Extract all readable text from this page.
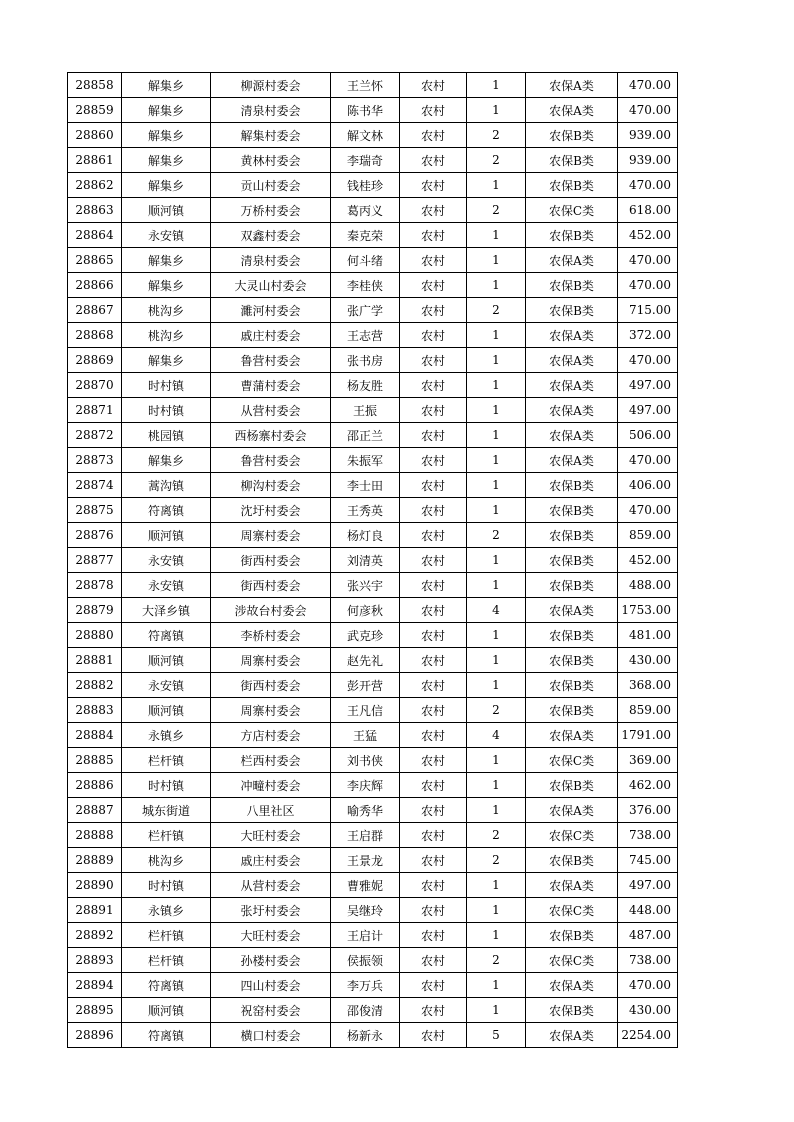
28858	解集乡	柳源村委会	王兰怀	农村	1	农保A类	470.00
28859	解集乡	清泉村委会	陈书华	农村	1	农保A类	470.00
28860	解集乡	解集村委会	解文林	农村	2	农保B类	939.00
28861	解集乡	黄林村委会	李瑞奇	农村	2	农保B类	939.00
28862	解集乡	贡山村委会	钱桂珍	农村	1	农保B类	470.00
28863	顺河镇	万桥村委会	葛丙义	农村	2	农保C类	618.00
28864	永安镇	双鑫村委会	秦克荣	农村	1	农保B类	452.00
28865	解集乡	清泉村委会	何斗绪	农村	1	农保A类	470.00
28866	解集乡	大灵山村委会	李桂侠	农村	1	农保B类	470.00
28867	桃沟乡	濉河村委会	张广学	农村	2	农保B类	715.00
28868	桃沟乡	戚庄村委会	王志营	农村	1	农保A类	372.00
28869	解集乡	鲁营村委会	张书房	农村	1	农保A类	470.00
28870	时村镇	曹蒲村委会	杨友胜	农村	1	农保A类	497.00
28871	时村镇	从营村委会	王振	农村	1	农保A类	497.00
28872	桃园镇	西杨寨村委会	邵正兰	农村	1	农保A类	506.00
28873	解集乡	鲁营村委会	朱振军	农村	1	农保A类	470.00
28874	蒿沟镇	柳沟村委会	李士田	农村	1	农保B类	406.00
28875	符离镇	沈圩村委会	王秀英	农村	1	农保B类	470.00
28876	顺河镇	周寨村委会	杨灯良	农村	2	农保B类	859.00
28877	永安镇	街西村委会	刘清英	农村	1	农保B类	452.00
28878	永安镇	街西村委会	张兴宇	农村	1	农保B类	488.00
28879	大泽乡镇	涉故台村委会	何彦秋	农村	4	农保A类	1753.00
28880	符离镇	李桥村委会	武克珍	农村	1	农保B类	481.00
28881	顺河镇	周寨村委会	赵先礼	农村	1	农保B类	430.00
28882	永安镇	街西村委会	彭开营	农村	1	农保B类	368.00
28883	顺河镇	周寨村委会	王凡信	农村	2	农保B类	859.00
28884	永镇乡	方店村委会	王猛	农村	4	农保A类	1791.00
28885	栏杆镇	栏西村委会	刘书侠	农村	1	农保C类	369.00
28886	时村镇	冲疃村委会	李庆辉	农村	1	农保B类	462.00
28887	城东街道	八里社区	喻秀华	农村	1	农保A类	376.00
28888	栏杆镇	大旺村委会	王启群	农村	2	农保C类	738.00
28889	桃沟乡	戚庄村委会	王景龙	农村	2	农保B类	745.00
28890	时村镇	从营村委会	曹雅妮	农村	1	农保A类	497.00
28891	永镇乡	张圩村委会	吴继玲	农村	1	农保C类	448.00
28892	栏杆镇	大旺村委会	王启计	农村	1	农保B类	487.00
28893	栏杆镇	孙楼村委会	侯振领	农村	2	农保C类	738.00
28894	符离镇	四山村委会	李万兵	农村	1	农保A类	470.00
28895	顺河镇	祝窑村委会	邵俊清	农村	1	农保B类	430.00
28896	符离镇	横口村委会	杨新永	农村	5	农保A类	2254.00
